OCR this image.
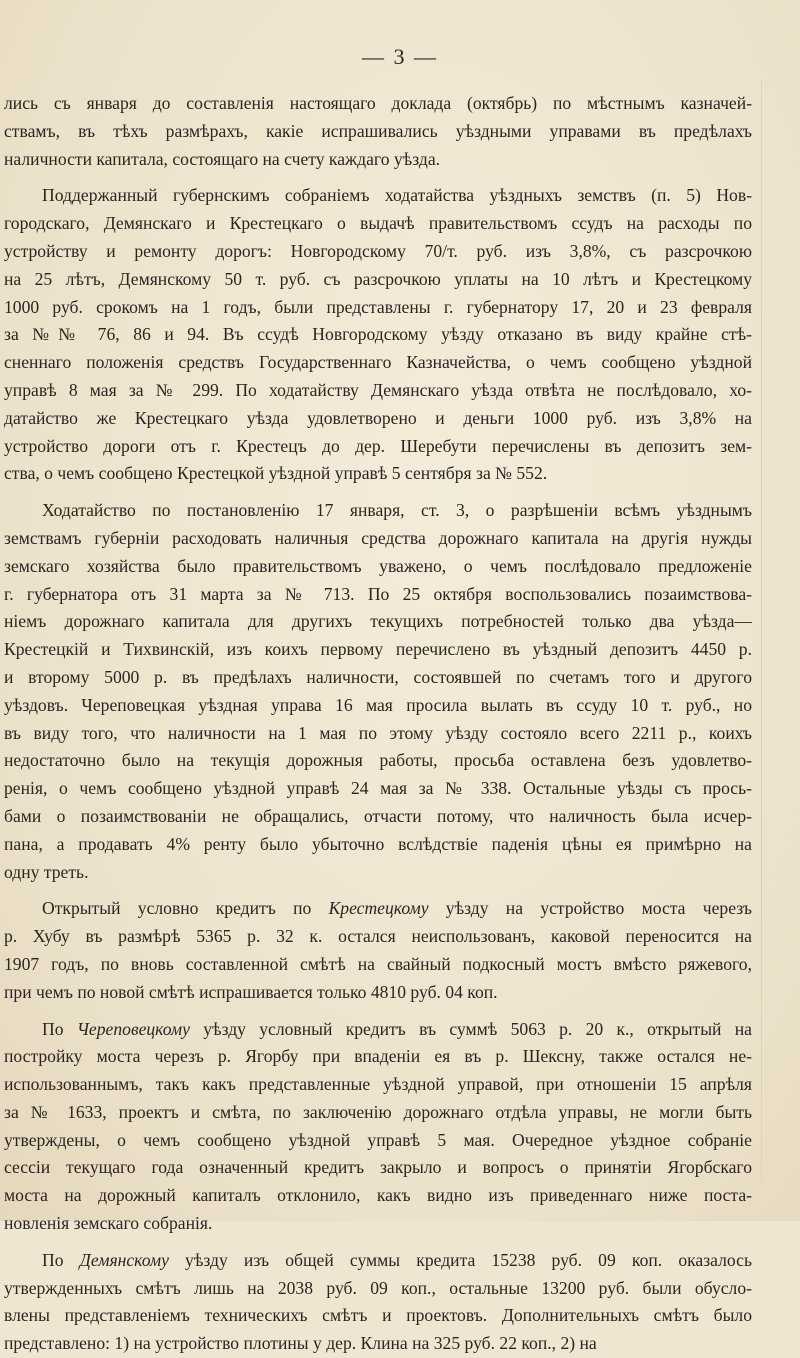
— 3 —
лись съ января до составленія настоящаго доклада (октябрь) по мѣстнымъ казначей-
ствамъ, въ тѣхъ размѣрахъ, какіе испрашивались уѣздными управами въ предѣлахъ
наличности капитала, состоящаго на счету каждаго уѣзда.
Поддержанный губернскимъ собраніемъ ходатайства уѣздныхъ земствъ (п. 5) Нов-
городскаго, Демянскаго и Крестецкаго о выдачѣ правительствомъ ссудъ на расходы по
устройству и ремонту дорогъ: Новгородскому 70/т. руб. изъ 3,8%, съ разсрочкою
на 25 лѣтъ, Демянскому 50 т. руб. съ разсрочкою уплаты на 10 лѣтъ и Крестецкому
1000 руб. срокомъ на 1 годъ, были представлены г. губернатору 17, 20 и 23 февраля
за №№ 76, 86 и 94. Въ ссудѣ Новгородскому уѣзду отказано въ виду крайне стѣ-
сненнаго положенія средствъ Государственнаго Казначейства, о чемъ сообщено уѣздной
управѣ 8 мая за № 299. По ходатайству Демянскаго уѣзда отвѣта не послѣдовало, хо-
датайство же Крестецкаго уѣзда удовлетворено и деньги 1000 руб. изъ 3,8% на
устройство дороги отъ г. Крестецъ до дер. Шеребути перечислены въ депозитъ зем-
ства, о чемъ сообщено Крестецкой уѣздной управѣ 5 сентября за № 552.
Ходатайство по постановленію 17 января, ст. 3, о разрѣшеніи всѣмъ уѣзднымъ
земствамъ губерніи расходовать наличныя средства дорожнаго капитала на другія нужды
земскаго хозяйства было правительствомъ уважено, о чемъ послѣдовало предложеніе
г. губернатора отъ 31 марта за № 713. По 25 октября воспользовались позаимствова-
ніемъ дорожнаго капитала для другихъ текущихъ потребностей только два уѣзда—
Крестецкій и Тихвинскій, изъ коихъ первому перечислено въ уѣздный депозитъ 4450 р.
и второму 5000 р. въ предѣлахъ наличности, состоявшей по счетамъ того и другого
уѣздовъ. Череповецкая уѣздная управа 16 мая просила вылать въ ссуду 10 т. руб., но
въ виду того, что наличности на 1 мая по этому уѣзду состояло всего 2211 р., коихъ
недостаточно было на текущія дорожныя работы, просьба оставлена безъ удовлетво-
ренія, о чемъ сообщено уѣздной управѣ 24 мая за № 338. Остальные уѣзды съ прось-
бами о позаимствованіи не обращались, отчасти потому, что наличность была исчер-
пана, а продавать 4% ренту было убыточно вслѣдствіе паденія цѣны ея примѣрно на
одну треть.
Открытый условно кредитъ по Крестецкому уѣзду на устройство моста черезъ
р. Хубу въ размѣрѣ 5365 р. 32 к. остался неиспользованъ, каковой переносится на
1907 годъ, по вновь составленной смѣтѣ на свайный подкосный мостъ вмѣсто ряжевого,
при чемъ по новой смѣтѣ испрашивается только 4810 руб. 04 коп.
По Череповецкому уѣзду условный кредитъ въ суммѣ 5063 р. 20 к., открытый на
постройку моста черезъ р. Ягорбу при впаденіи ея въ р. Шексну, также остался не-
использованнымъ, такъ какъ представленные уѣздной управой, при отношеніи 15 апрѣля
за № 1633, проектъ и смѣта, по заключенію дорожнаго отдѣла управы, не могли быть
утверждены, о чемъ сообщено уѣздной управѣ 5 мая. Очередное уѣздное собраніе
сессіи текущаго года означенный кредитъ закрыло и вопросъ о принятіи Ягорбскаго
моста на дорожный капиталъ отклонило, какъ видно изъ приведеннаго ниже поста-
новленія земскаго собранія.
По Демянскому уѣзду изъ общей суммы кредита 15238 руб. 09 коп. оказалось
утвержденныхъ смѣтъ лишь на 2038 руб. 09 коп., остальные 13200 руб. были обусло-
влены представленіемъ техническихъ смѣтъ и проектовъ. Дополнительныхъ смѣтъ было
представлено: 1) на устройство плотины у дер. Клина на 325 руб. 22 коп., 2) на
